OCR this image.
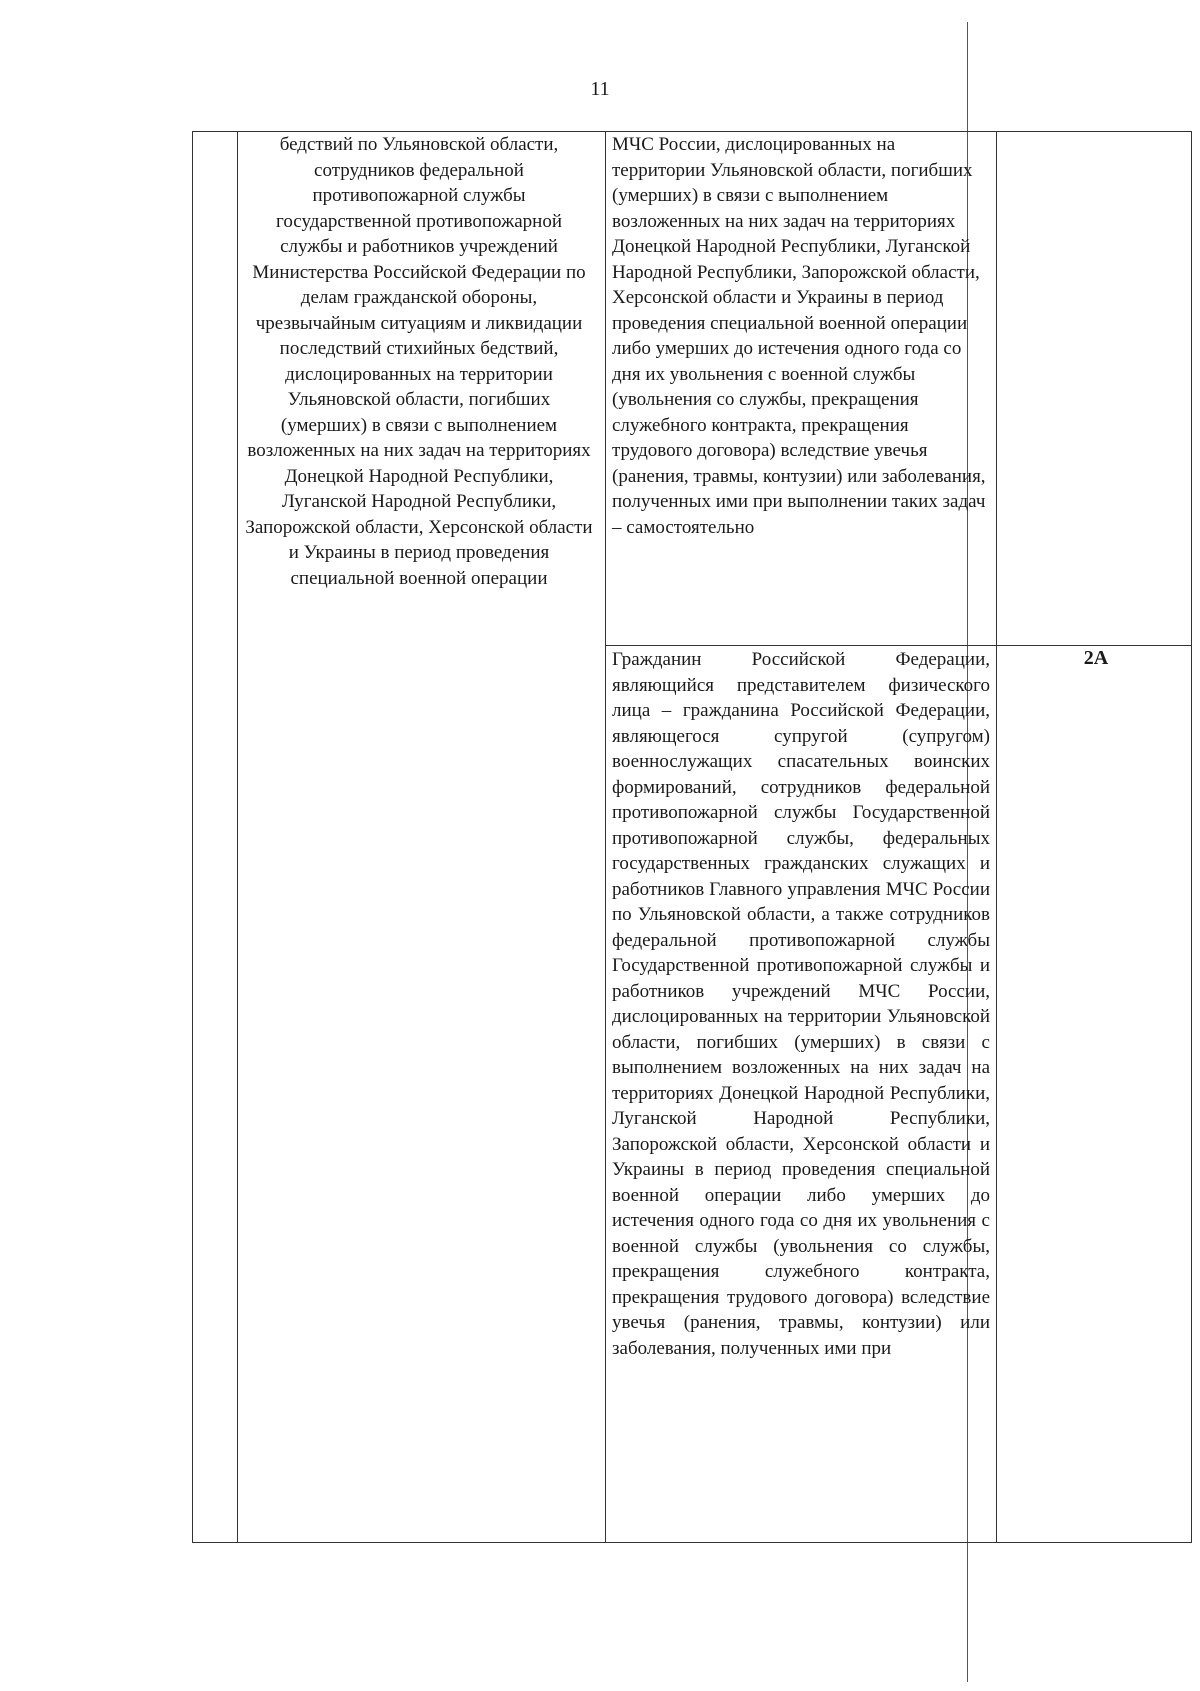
11
бедствий по Ульяновской области, сотрудников федеральной противопожарной службы государственной противопожарной службы и работников учреждений Министерства Российской Федерации по делам гражданской обороны, чрезвычайным ситуациям и ликвидации последствий стихийных бедствий, дислоцированных на территории Ульяновской области, погибших (умерших) в связи с выполнением возложенных на них задач на территориях Донецкой Народной Республики, Луганской Народной Республики, Запорожской области, Херсонской области и Украины в период проведения специальной военной операции
МЧС России, дислоцированных на территории Ульяновской области, погибших (умерших) в связи с выполнением возложенных на них задач на территориях Донецкой Народной Республики, Луганской Народной Республики, Запорожской области, Херсонской области и Украины в период проведения специальной военной операции либо умерших до истечения одного года со дня их увольнения с военной службы (увольнения со службы, прекращения служебного контракта, прекращения трудового договора) вследствие увечья (ранения, травмы, контузии) или заболевания, полученных ими при выполнении таких задач – самостоятельно
Гражданин Российской Федерации, являющийся представителем физического лица – гражданина Российской Федерации, являющегося супругой (супругом) военнослужащих спасательных воинских формирований, сотрудников федеральной противопожарной службы Государственной противопожарной службы, федеральных государственных гражданских служащих и работников Главного управления МЧС России по Ульяновской области, а также сотрудников федеральной противопожарной службы Государственной противопожарной службы и работников учреждений МЧС России, дислоцированных на территории Ульяновской области, погибших (умерших) в связи с выполнением возложенных на них задач на территориях Донецкой Народной Республики, Луганской Народной Республики, Запорожской области, Херсонской области и Украины в период проведения специальной военной операции либо умерших до истечения одного года со дня их увольнения с военной службы (увольнения со службы, прекращения служебного контракта, прекращения трудового договора) вследствие увечья (ранения, травмы, контузии) или заболевания, полученных ими при
2А
